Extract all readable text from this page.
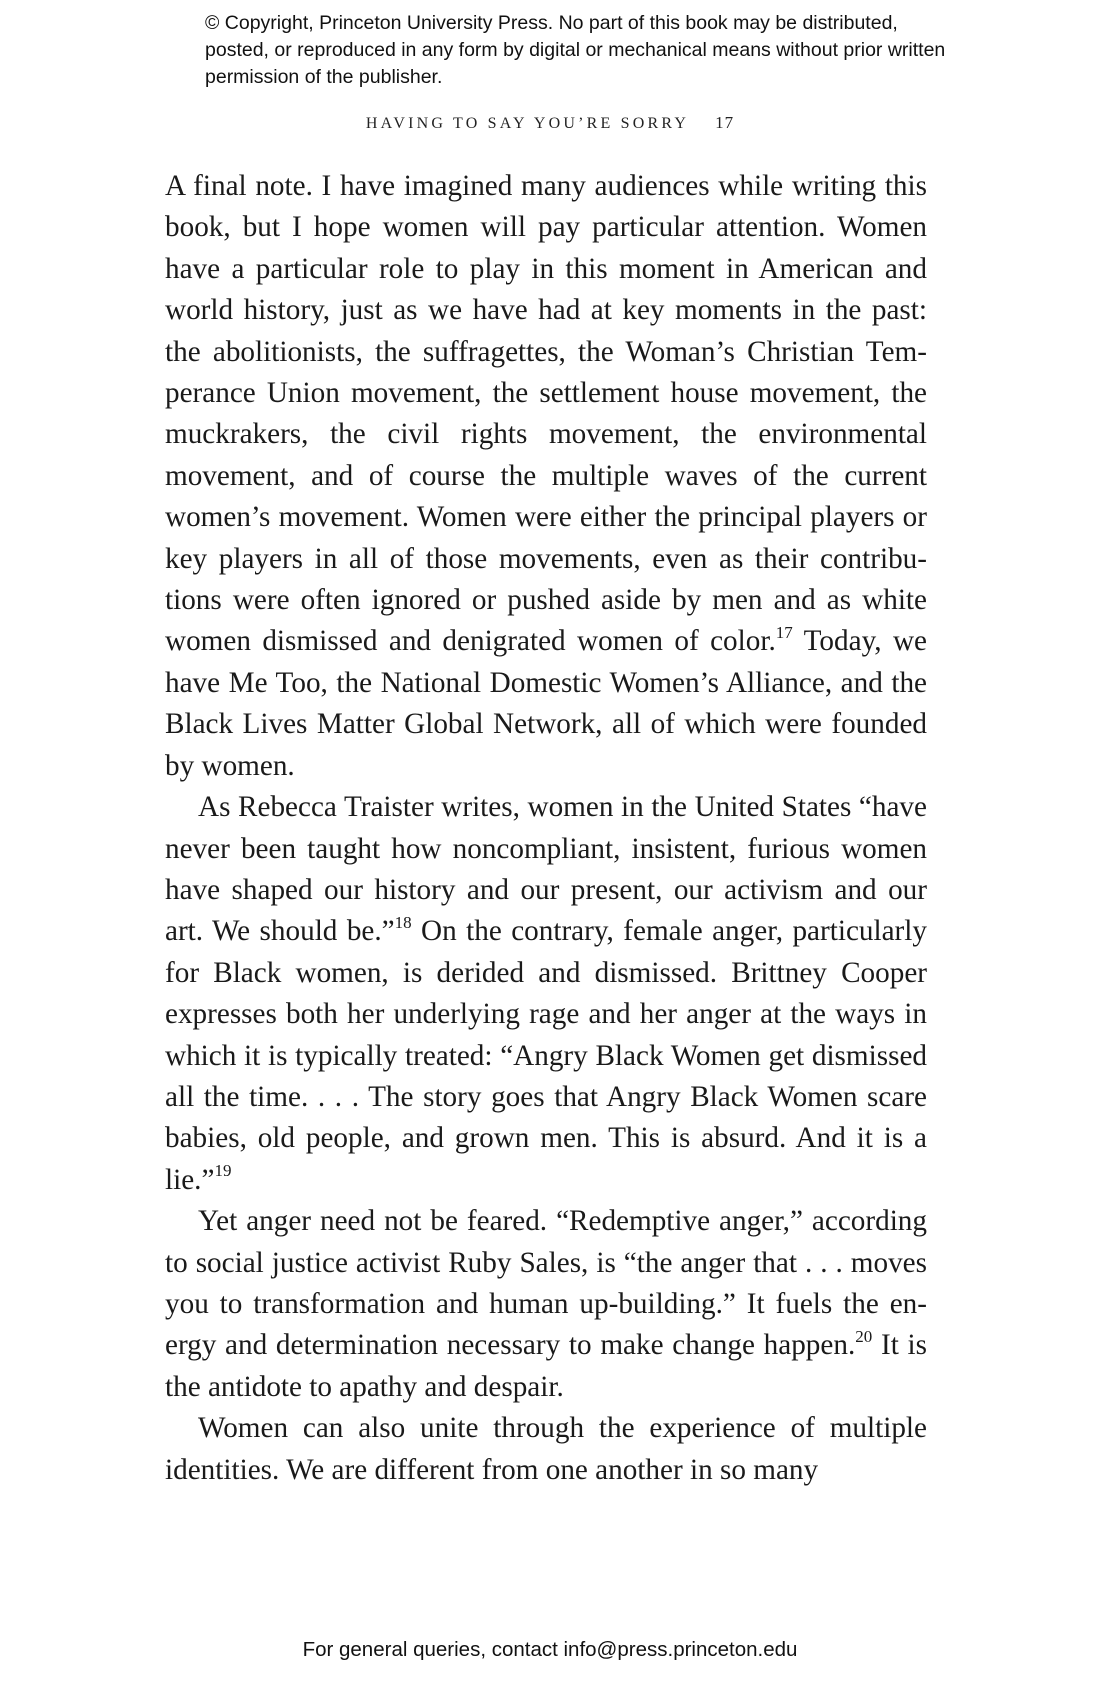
© Copyright, Princeton University Press. No part of this book may be distributed, posted, or reproduced in any form by digital or mechanical means without prior written permission of the publisher.
HAVING TO SAY YOU’RE SORRY 17

A final note. I have imagined many audiences while writing this book, but I hope women will pay particular attention. Women have a particular role to play in this moment in American and world history, just as we have had at key moments in the past: the abolitionists, the suffragettes, the Woman’s Christian Temperance Union movement, the settlement house movement, the muckrakers, the civil rights movement, the environmental movement, and of course the multiple waves of the current women’s movement. Women were either the principal players or key players in all of those movements, even as their contributions were often ignored or pushed aside by men and as white women dismissed and denigrated women of color.$^{17}$ Today, we have Me Too, the National Domestic Women’s Alliance, and the Black Lives Matter Global Network, all of which were founded by women.

As Rebecca Traister writes, women in the United States “have never been taught how noncompliant, insistent, furious women have shaped our history and our present, our activism and our art. We should be.”$^{18}$ On the contrary, female anger, particularly for Black women, is derided and dismissed. Brittney Cooper expresses both her underlying rage and her anger at the ways in which it is typically treated: “Angry Black Women get dismissed all the time. . . . The story goes that Angry Black Women scare babies, old people, and grown men. This is absurd. And it is a lie.”$^{19}$

Yet anger need not be feared. “Redemptive anger,” according to social justice activist Ruby Sales, is “the anger that . . . moves you to transformation and human up-building.” It fuels the energy and determination necessary to make change happen.$^{20}$ It is the antidote to apathy and despair.

Women can also unite through the experience of multiple identities. We are different from one another in so many

For general queries, contact info@press.princeton.edu
